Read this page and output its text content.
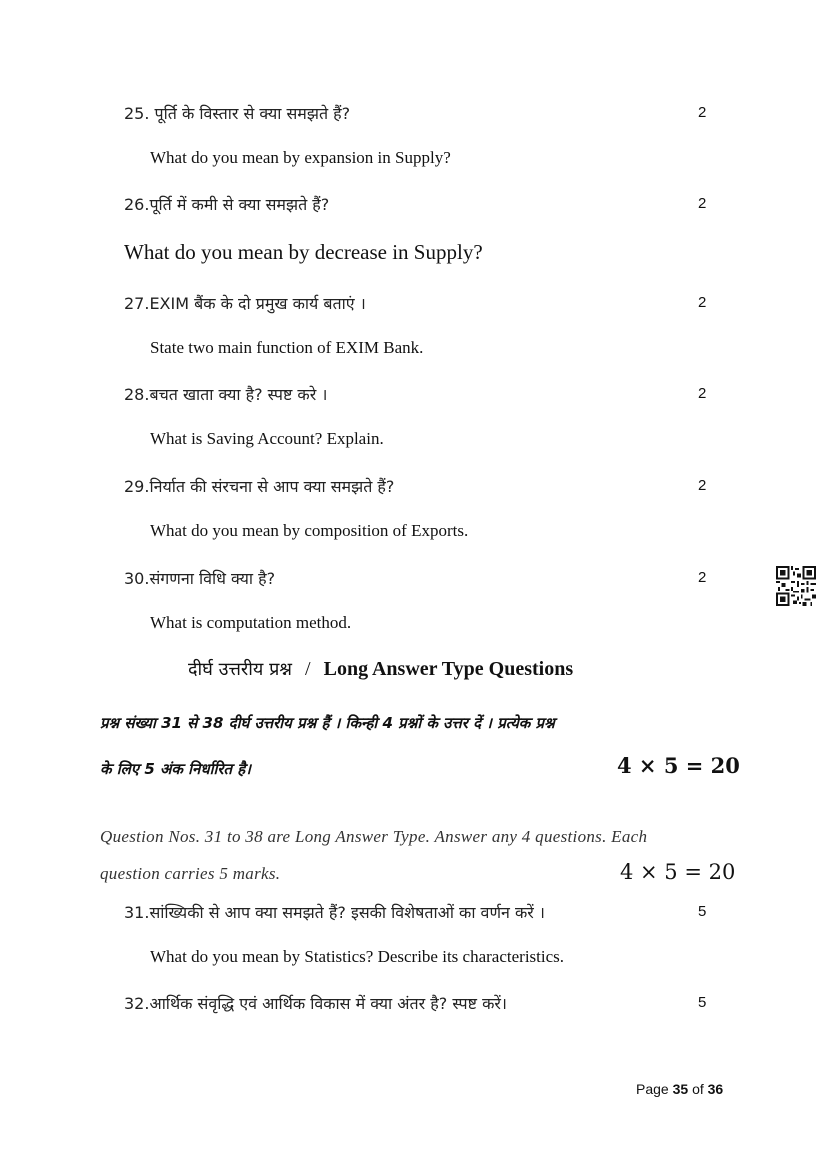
25. पूर्ति के विस्तार से क्या समझते हैं?	2
What do you mean by expansion in Supply?
26.पूर्ति में कमी से क्या समझते हैं?	2
What do you mean by decrease in Supply?
27.EXIM बैंक के दो प्रमुख कार्य बताएं ।	2
State two main function of EXIM Bank.
28.बचत खाता क्या है? स्पष्ट करे ।	2
What is Saving Account? Explain.
29.निर्यात की संरचना से आप क्या समझते हैं?	2
What do you mean by composition of Exports.
30.संगणना विधि क्या है?	2
What is computation method.
दीर्घ उत्तरीय प्रश्न / Long Answer Type Questions
प्रश्न संख्या 31 से 38 दीर्घ उत्तरीय प्रश्न हैं । किन्ही 4 प्रश्नों के उत्तर दें । प्रत्येक प्रश्न
के लिए 5 अंक निर्धारित है।	4 × 5 = 20
Question Nos. 31 to 38 are Long Answer Type. Answer any 4 questions. Each
question carries 5 marks.	4 × 5 = 20
31.सांख्यिकी से आप क्या समझते हैं? इसकी विशेषताओं का वर्णन करें ।	5
What do you mean by Statistics? Describe its characteristics.
32.आर्थिक संवृद्धि एवं आर्थिक विकास में क्या अंतर है? स्पष्ट करें।	5
Page 35 of 36
